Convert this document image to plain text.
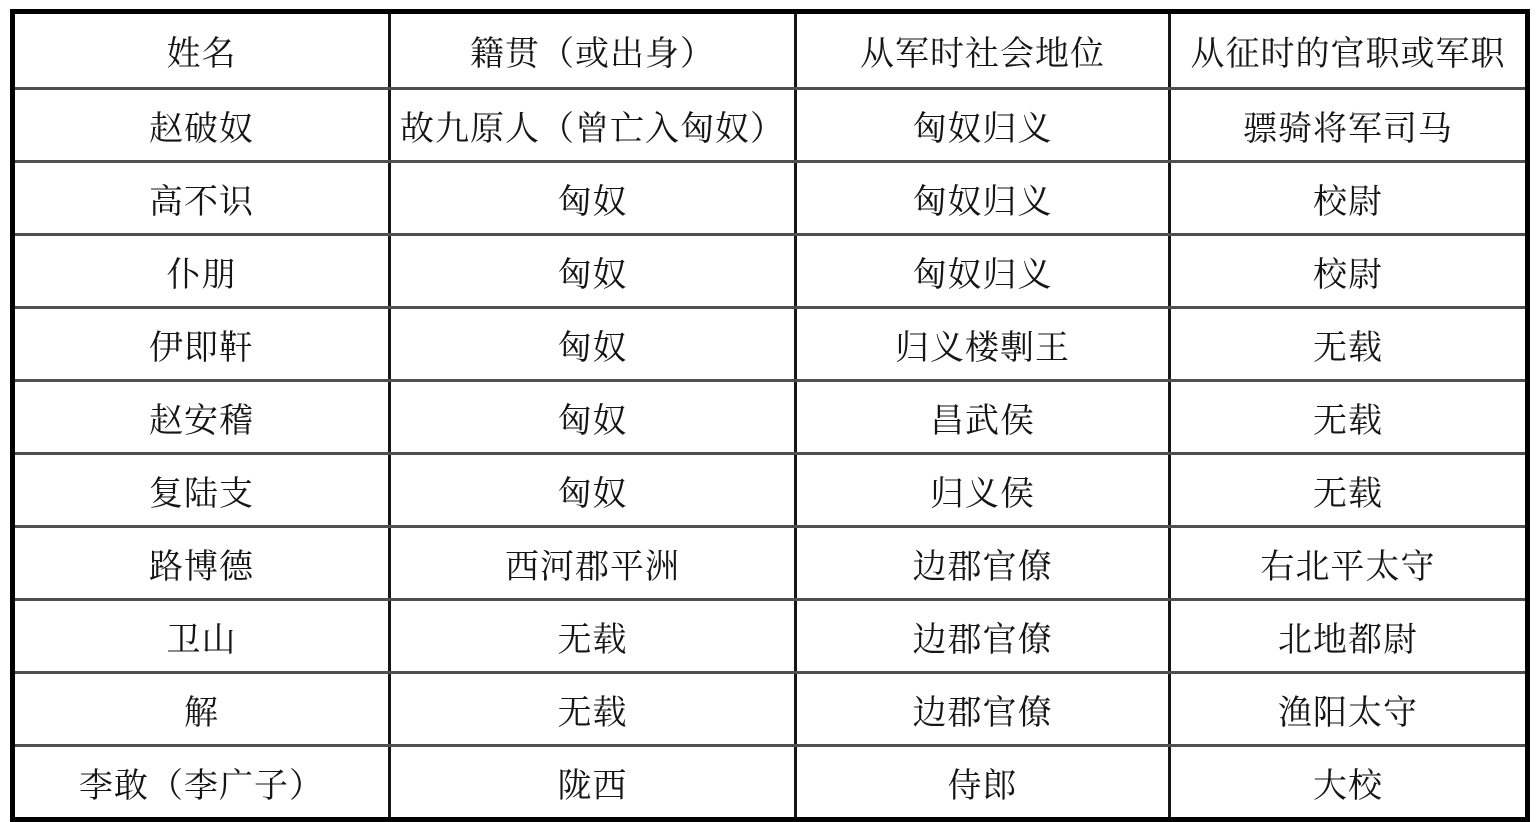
姓名	籍贯（或出身）	从军时社会地位	从征时的官职或军职
赵破奴	故九原人（曾亡入匈奴）	匈奴归义	骠骑将军司马
高不识	匈奴	匈奴归义	校尉
仆朋	匈奴	匈奴归义	校尉
伊即靬	匈奴	归义楼剸王	无载
赵安稽	匈奴	昌武侯	无载
复陆支	匈奴	归义侯	无载
路博德	西河郡平洲	边郡官僚	右北平太守
卫山	无载	边郡官僚	北地都尉
解	无载	边郡官僚	渔阳太守
李敢（李广子）	陇西	侍郎	大校
